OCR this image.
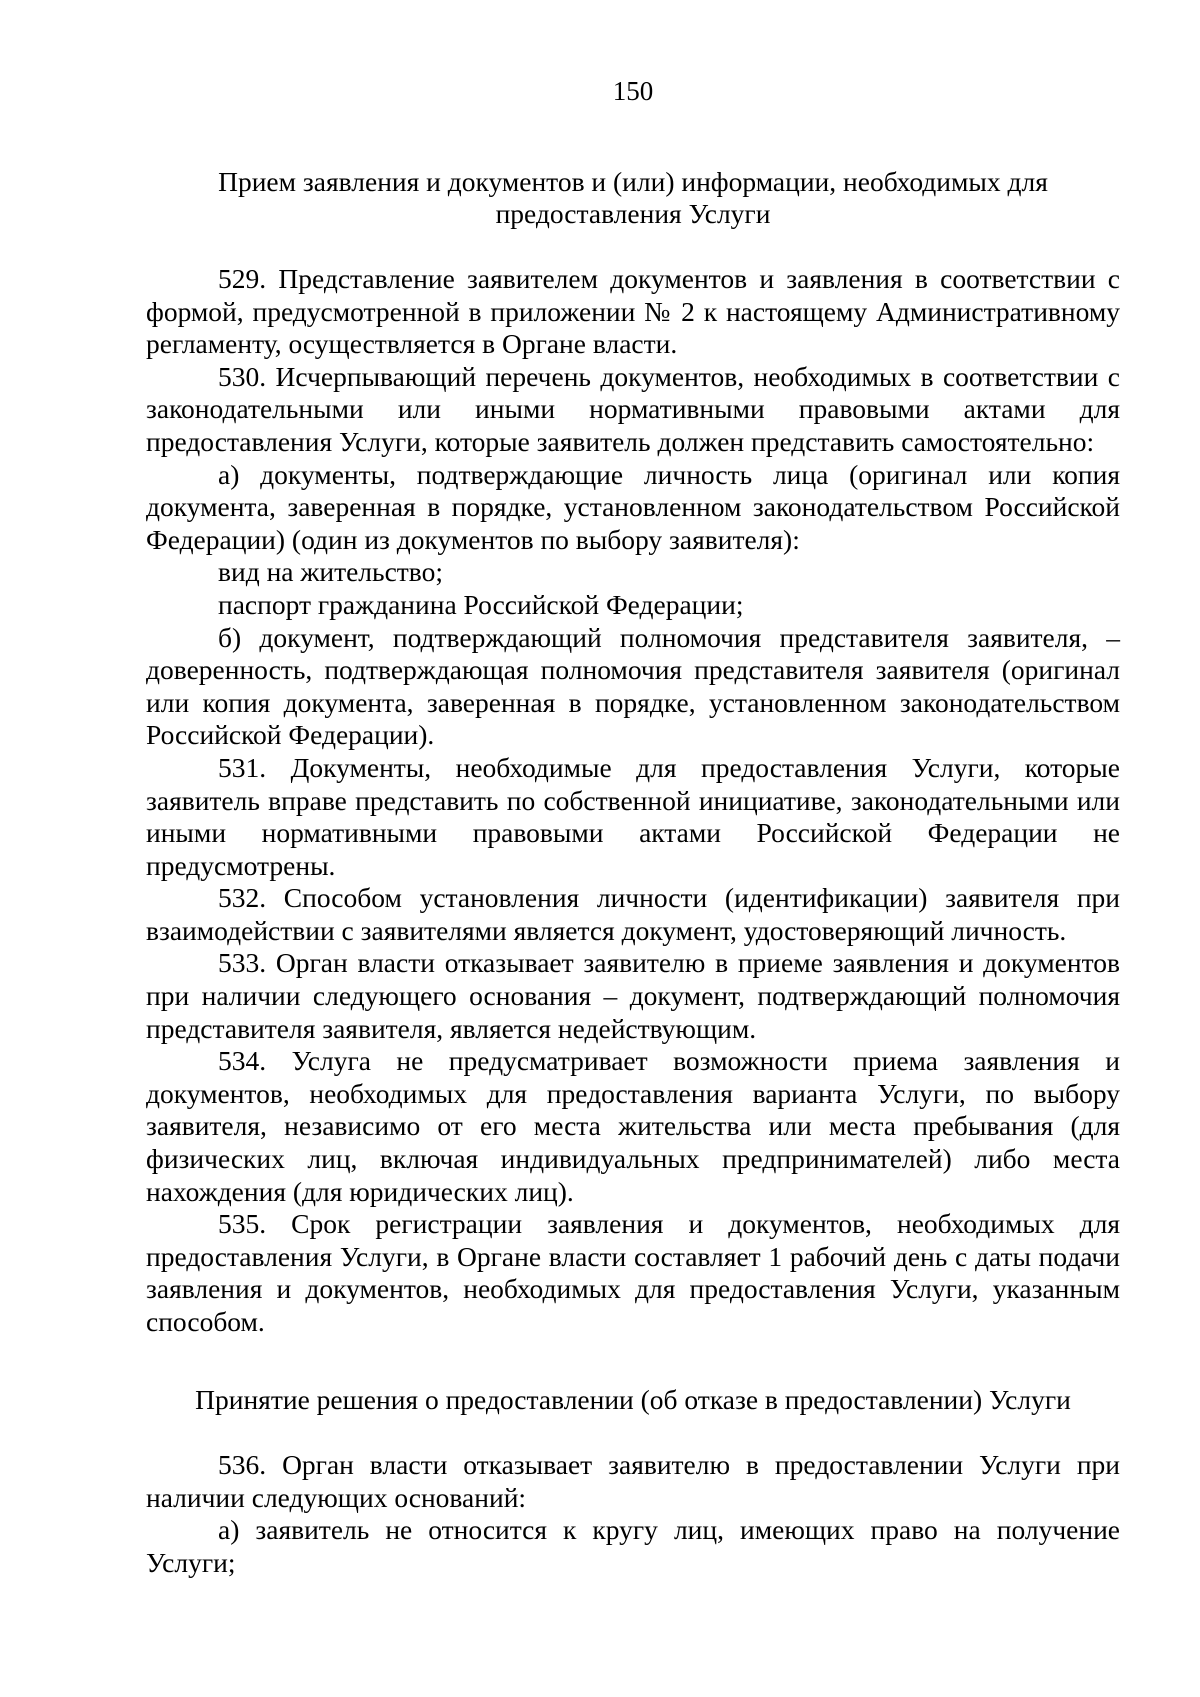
150
Прием заявления и документов и (или) информации, необходимых для
предоставления Услуги

529. Представление заявителем документов и заявления в соответствии с формой, предусмотренной в приложении № 2 к настоящему Административному регламенту, осуществляется в Органе власти.

530. Исчерпывающий перечень документов, необходимых в соответствии с законодательными или иными нормативными правовыми актами для предоставления Услуги, которые заявитель должен представить самостоятельно:

а) документы, подтверждающие личность лица (оригинал или копия документа, заверенная в порядке, установленном законодательством Российской Федерации) (один из документов по выбору заявителя):

вид на жительство;

паспорт гражданина Российской Федерации;

б) документ, подтверждающий полномочия представителя заявителя, – доверенность, подтверждающая полномочия представителя заявителя (оригинал или копия документа, заверенная в порядке, установленном законодательством Российской Федерации).

531. Документы, необходимые для предоставления Услуги, которые заявитель вправе представить по собственной инициативе, законодательными или иными нормативными правовыми актами Российской Федерации не предусмотрены.

532. Способом установления личности (идентификации) заявителя при взаимодействии с заявителями является документ, удостоверяющий личность.

533. Орган власти отказывает заявителю в приеме заявления и документов при наличии следующего основания – документ, подтверждающий полномочия представителя заявителя, является недействующим.

534. Услуга не предусматривает возможности приема заявления и документов, необходимых для предоставления варианта Услуги, по выбору заявителя, независимо от его места жительства или места пребывания (для физических лиц, включая индивидуальных предпринимателей) либо места нахождения (для юридических лиц).

535. Срок регистрации заявления и документов, необходимых для предоставления Услуги, в Органе власти составляет 1 рабочий день с даты подачи заявления и документов, необходимых для предоставления Услуги, указанным способом.

Принятие решения о предоставлении (об отказе в предоставлении) Услуги

536. Орган власти отказывает заявителю в предоставлении Услуги при наличии следующих оснований:

а) заявитель не относится к кругу лиц, имеющих право на получение Услуги;
